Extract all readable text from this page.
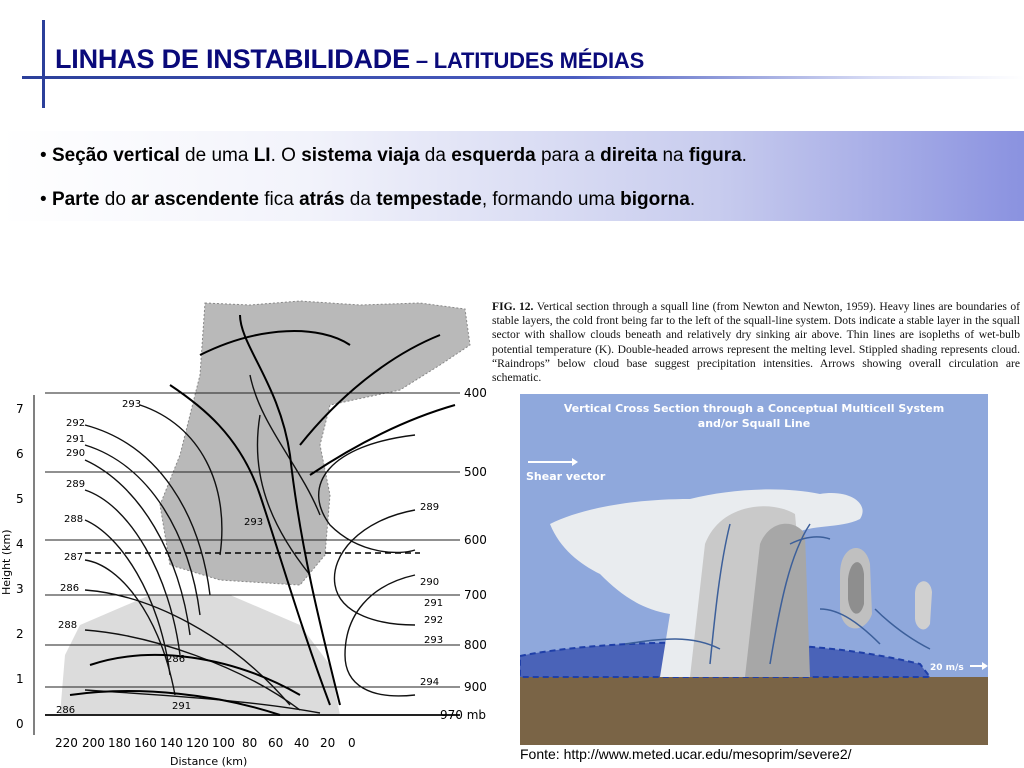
LINHAS DE INSTABILIDADE – LATITUDES MÉDIAS
• Seção vertical de uma LI. O sistema viaja da esquerda para a direita na figura.
• Parte do ar ascendente fica atrás da tempestade, formando uma bigorna.
7
6
5
4
3
2
1
0
Height (km)
220 200 180 160 140 120 100 80 60 40 20 0
Distance (km)
400
500
600
700
800
900
970 mb
293
292
291
290
289
288
287
288
286
286
286
291
289
290
291
292
293
294
293
FIG. 12. Vertical section through a squall line (from Newton and Newton, 1959). Heavy lines are boundaries of stable layers, the cold front being far to the left of the squall-line system. Dots indicate a stable layer in the squall sector with shallow clouds beneath and relatively dry sinking air above. Thin lines are isopleths of wet-bulb potential temperature (K). Double-headed arrows represent the melting level. Stippled shading represents cloud. “Raindrops” below cloud base suggest precipitation intensities. Arrows showing overall circulation are schematic.
Vertical Cross Section through a Conceptual Multicell System
and/or Squall Line
Shear vector
20 m/s
Fonte: http://www.meted.ucar.edu/mesoprim/severe2/
